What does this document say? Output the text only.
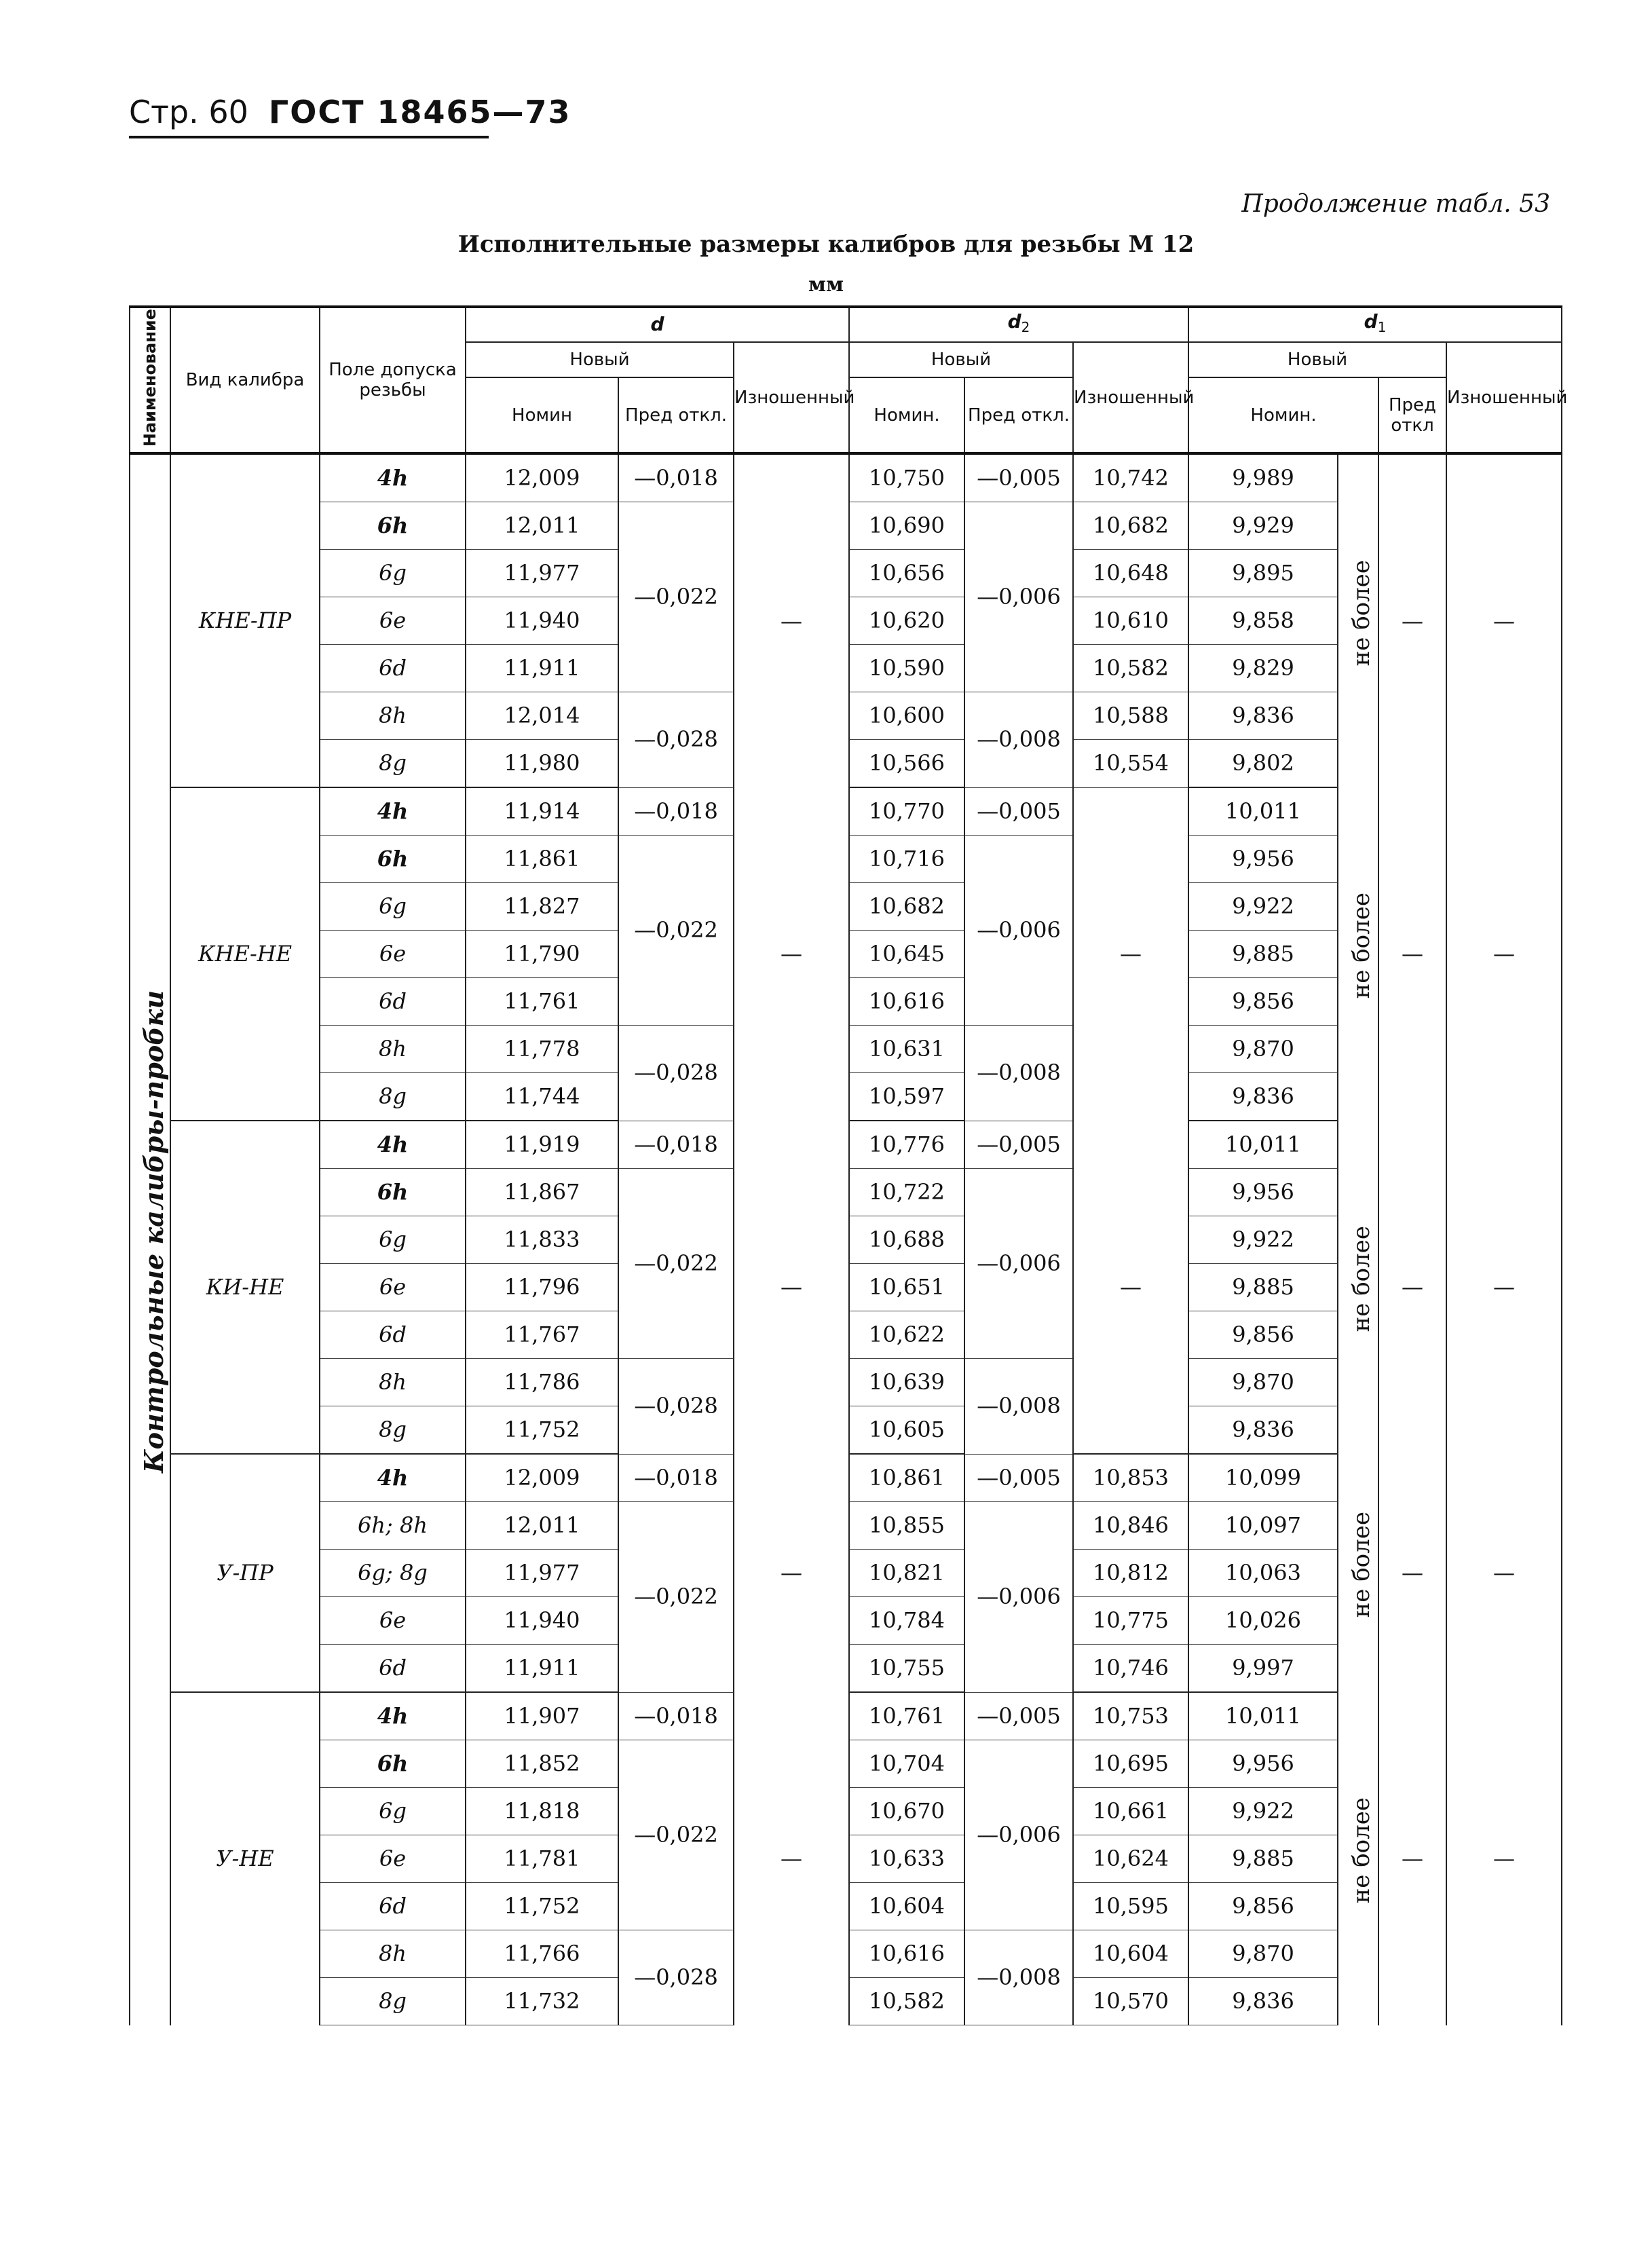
Стр. 60 ГОСТ 18465—73
Продолжение табл. 53
Исполнительные размеры калибров для резьбы М 12
мм
Наименование	Вид калибра	Поле допуска резьбы	d			$d_2$			$d_1$
			Новый		Изношенный	Новый		Изношенный	Новый			Изношенный
			Номин	Пред откл.		Номин.	Пред откл.		Номин.		Пред откл	
Контрольные калибры-пробки	КНЕ-ПР	4h	12,009	—0,018	—	10,750	—0,005	10,742	9,989	не более	—	—
		6h	12,011	—0,022		10,690	—0,006	10,682	9,929			
		6g	11,977			10,656		10,648	9,895			
		6e	11,940			10,620		10,610	9,858			
		6d	11,911			10,590		10,582	9,829			
		8h	12,014	—0,028		10,600	—0,008	10,588	9,836			
		8g	11,980			10,566		10,554	9,802			
	КНЕ-НЕ	4h	11,914	—0,018	—	10,770	—0,005	—	10,011	не более	—	—
		6h	11,861	—0,022		10,716	—0,006		9,956			
		6g	11,827			10,682			9,922			
		6e	11,790			10,645			9,885			
		6d	11,761			10,616			9,856			
		8h	11,778	—0,028		10,631	—0,008		9,870			
		8g	11,744			10,597			9,836			
	КИ-НЕ	4h	11,919	—0,018	—	10,776	—0,005	—	10,011	не более	—	—
		6h	11,867	—0,022		10,722	—0,006		9,956			
		6g	11,833			10,688			9,922			
		6e	11,796			10,651			9,885			
		6d	11,767			10,622			9,856			
		8h	11,786	—0,028		10,639	—0,008		9,870			
		8g	11,752			10,605			9,836			
	У-ПР	4h	12,009	—0,018	—	10,861	—0,005	10,853	10,099	не более	—	—
		6h; 8h	12,011	—0,022		10,855	—0,006	10,846	10,097			
		6g; 8g	11,977			10,821		10,812	10,063			
		6e	11,940			10,784		10,775	10,026			
		6d	11,911			10,755		10,746	9,997			
	У-НЕ	4h	11,907	—0,018	—	10,761	—0,005	10,753	10,011	не более	—	—
		6h	11,852	—0,022		10,704	—0,006	10,695	9,956			
		6g	11,818			10,670		10,661	9,922			
		6e	11,781			10,633		10,624	9,885			
		6d	11,752			10,604		10,595	9,856			
		8h	11,766	—0,028		10,616	—0,008	10,604	9,870			
		8g	11,732			10,582		10,570	9,836			
